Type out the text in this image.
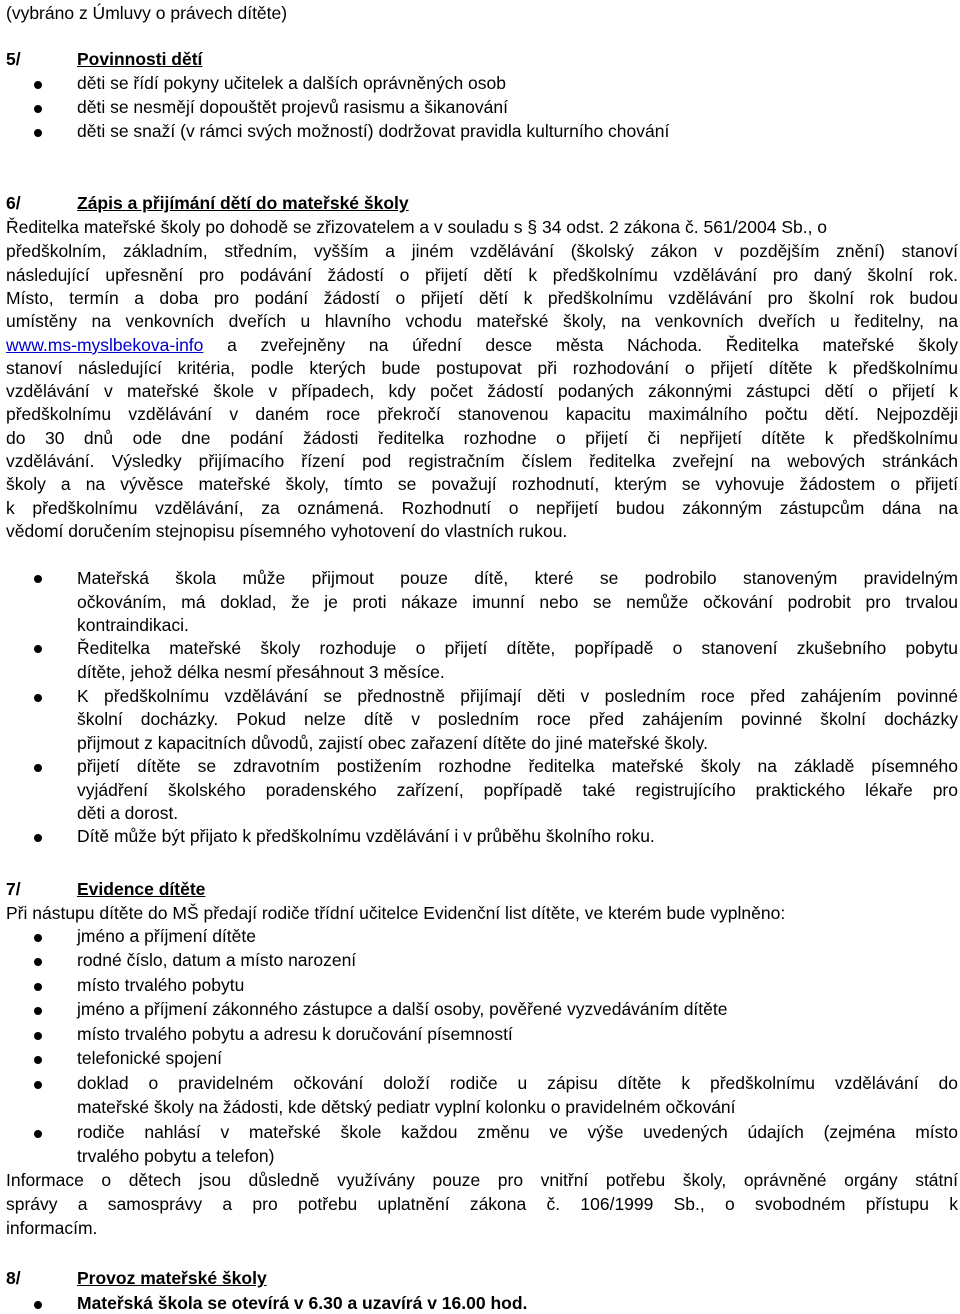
(vybráno z Úmluvy o právech dítěte)
5/	Povinnosti dětí
děti se řídí pokyny učitelek a dalších oprávněných osob
děti se nesmějí dopouštět projevů rasismu a šikanování
děti se snaží (v rámci svých možností) dodržovat pravidla kulturního chování
6/	Zápis a přijímání dětí do mateřské školy
Ředitelka mateřské školy po dohodě se zřizovatelem a v souladu s § 34 odst. 2 zákona č. 561/2004 Sb., o
předškolním, základním, středním, vyšším a jiném vzdělávání (školský zákon v pozdějším znění) stanoví
následující upřesnění pro podávání žádostí o přijetí dětí k předškolnímu vzdělávání pro daný školní rok.
Místo, termín a doba pro podání žádostí o přijetí dětí k předškolnímu vzdělávání pro školní rok budou
umístěny na venkovních dveřích u hlavního vchodu mateřské školy, na venkovních dveřích u ředitelny, na
www.ms-myslbekova-info a zveřejněny na úřední desce města Náchoda. Ředitelka mateřské školy
stanoví následující kritéria, podle kterých bude postupovat při rozhodování o přijetí dítěte k předškolnímu
vzdělávání v mateřské škole v případech, kdy počet žádostí podaných zákonnými zástupci dětí o přijetí k
předškolnímu vzdělávání v daném roce překročí stanovenou kapacitu maximálního počtu dětí. Nejpozději
do 30 dnů ode dne podání žádosti ředitelka rozhodne o přijetí či nepřijetí dítěte k předškolnímu
vzdělávání. Výsledky přijímacího řízení pod registračním číslem ředitelka zveřejní na webových stránkách
školy a na vývěsce mateřské školy, tímto se považují rozhodnutí, kterým se vyhovuje žádostem o přijetí
k předškolnímu vzdělávání, za oznámená. Rozhodnutí o nepřijetí budou zákonným zástupcům dána na
vědomí doručením stejnopisu písemného vyhotovení do vlastních rukou.
Mateřská škola může přijmout pouze dítě, které se podrobilo stanoveným pravidelným
očkováním, má doklad, že je proti nákaze imunní nebo se nemůže očkování podrobit pro trvalou
kontraindikaci.
Ředitelka mateřské školy rozhoduje o přijetí dítěte, popřípadě o stanovení zkušebního pobytu
dítěte, jehož délka nesmí přesáhnout 3 měsíce.
K předškolnímu vzdělávání se přednostně přijímají děti v posledním roce před zahájením povinné
školní docházky. Pokud nelze dítě v posledním roce před zahájením povinné školní docházky
přijmout z kapacitních důvodů, zajistí obec zařazení dítěte do jiné mateřské školy.
přijetí dítěte se zdravotním postižením rozhodne ředitelka mateřské školy na základě písemného
vyjádření školského poradenského zařízení, popřípadě také registrujícího praktického lékaře pro
děti a dorost.
Dítě může být přijato k předškolnímu vzdělávání i v průběhu školního roku.
7/	Evidence dítěte
Při nástupu dítěte do MŠ předají rodiče třídní učitelce Evidenční list dítěte, ve kterém bude vyplněno:
jméno a příjmení dítěte
rodné číslo, datum a místo narození
místo trvalého pobytu
jméno a příjmení zákonného zástupce a další osoby, pověřené vyzvedáváním dítěte
místo trvalého pobytu a adresu k doručování písemností
telefonické spojení
doklad o pravidelném očkování doloží rodiče u zápisu dítěte k předškolnímu vzdělávání do
mateřské školy na žádosti, kde dětský pediatr vyplní kolonku o pravidelném očkování
rodiče nahlásí v mateřské škole každou změnu ve výše uvedených údajích (zejména místo
trvalého pobytu a telefon)
Informace o dětech jsou důsledně využívány pouze pro vnitřní potřebu školy, oprávněné orgány státní
správy a samosprávy a pro potřebu uplatnění zákona č. 106/1999 Sb., o svobodném přístupu k
informacím.
8/	Provoz mateřské školy
Mateřská škola se otevírá v 6.30 a uzavírá v 16.00 hod.
